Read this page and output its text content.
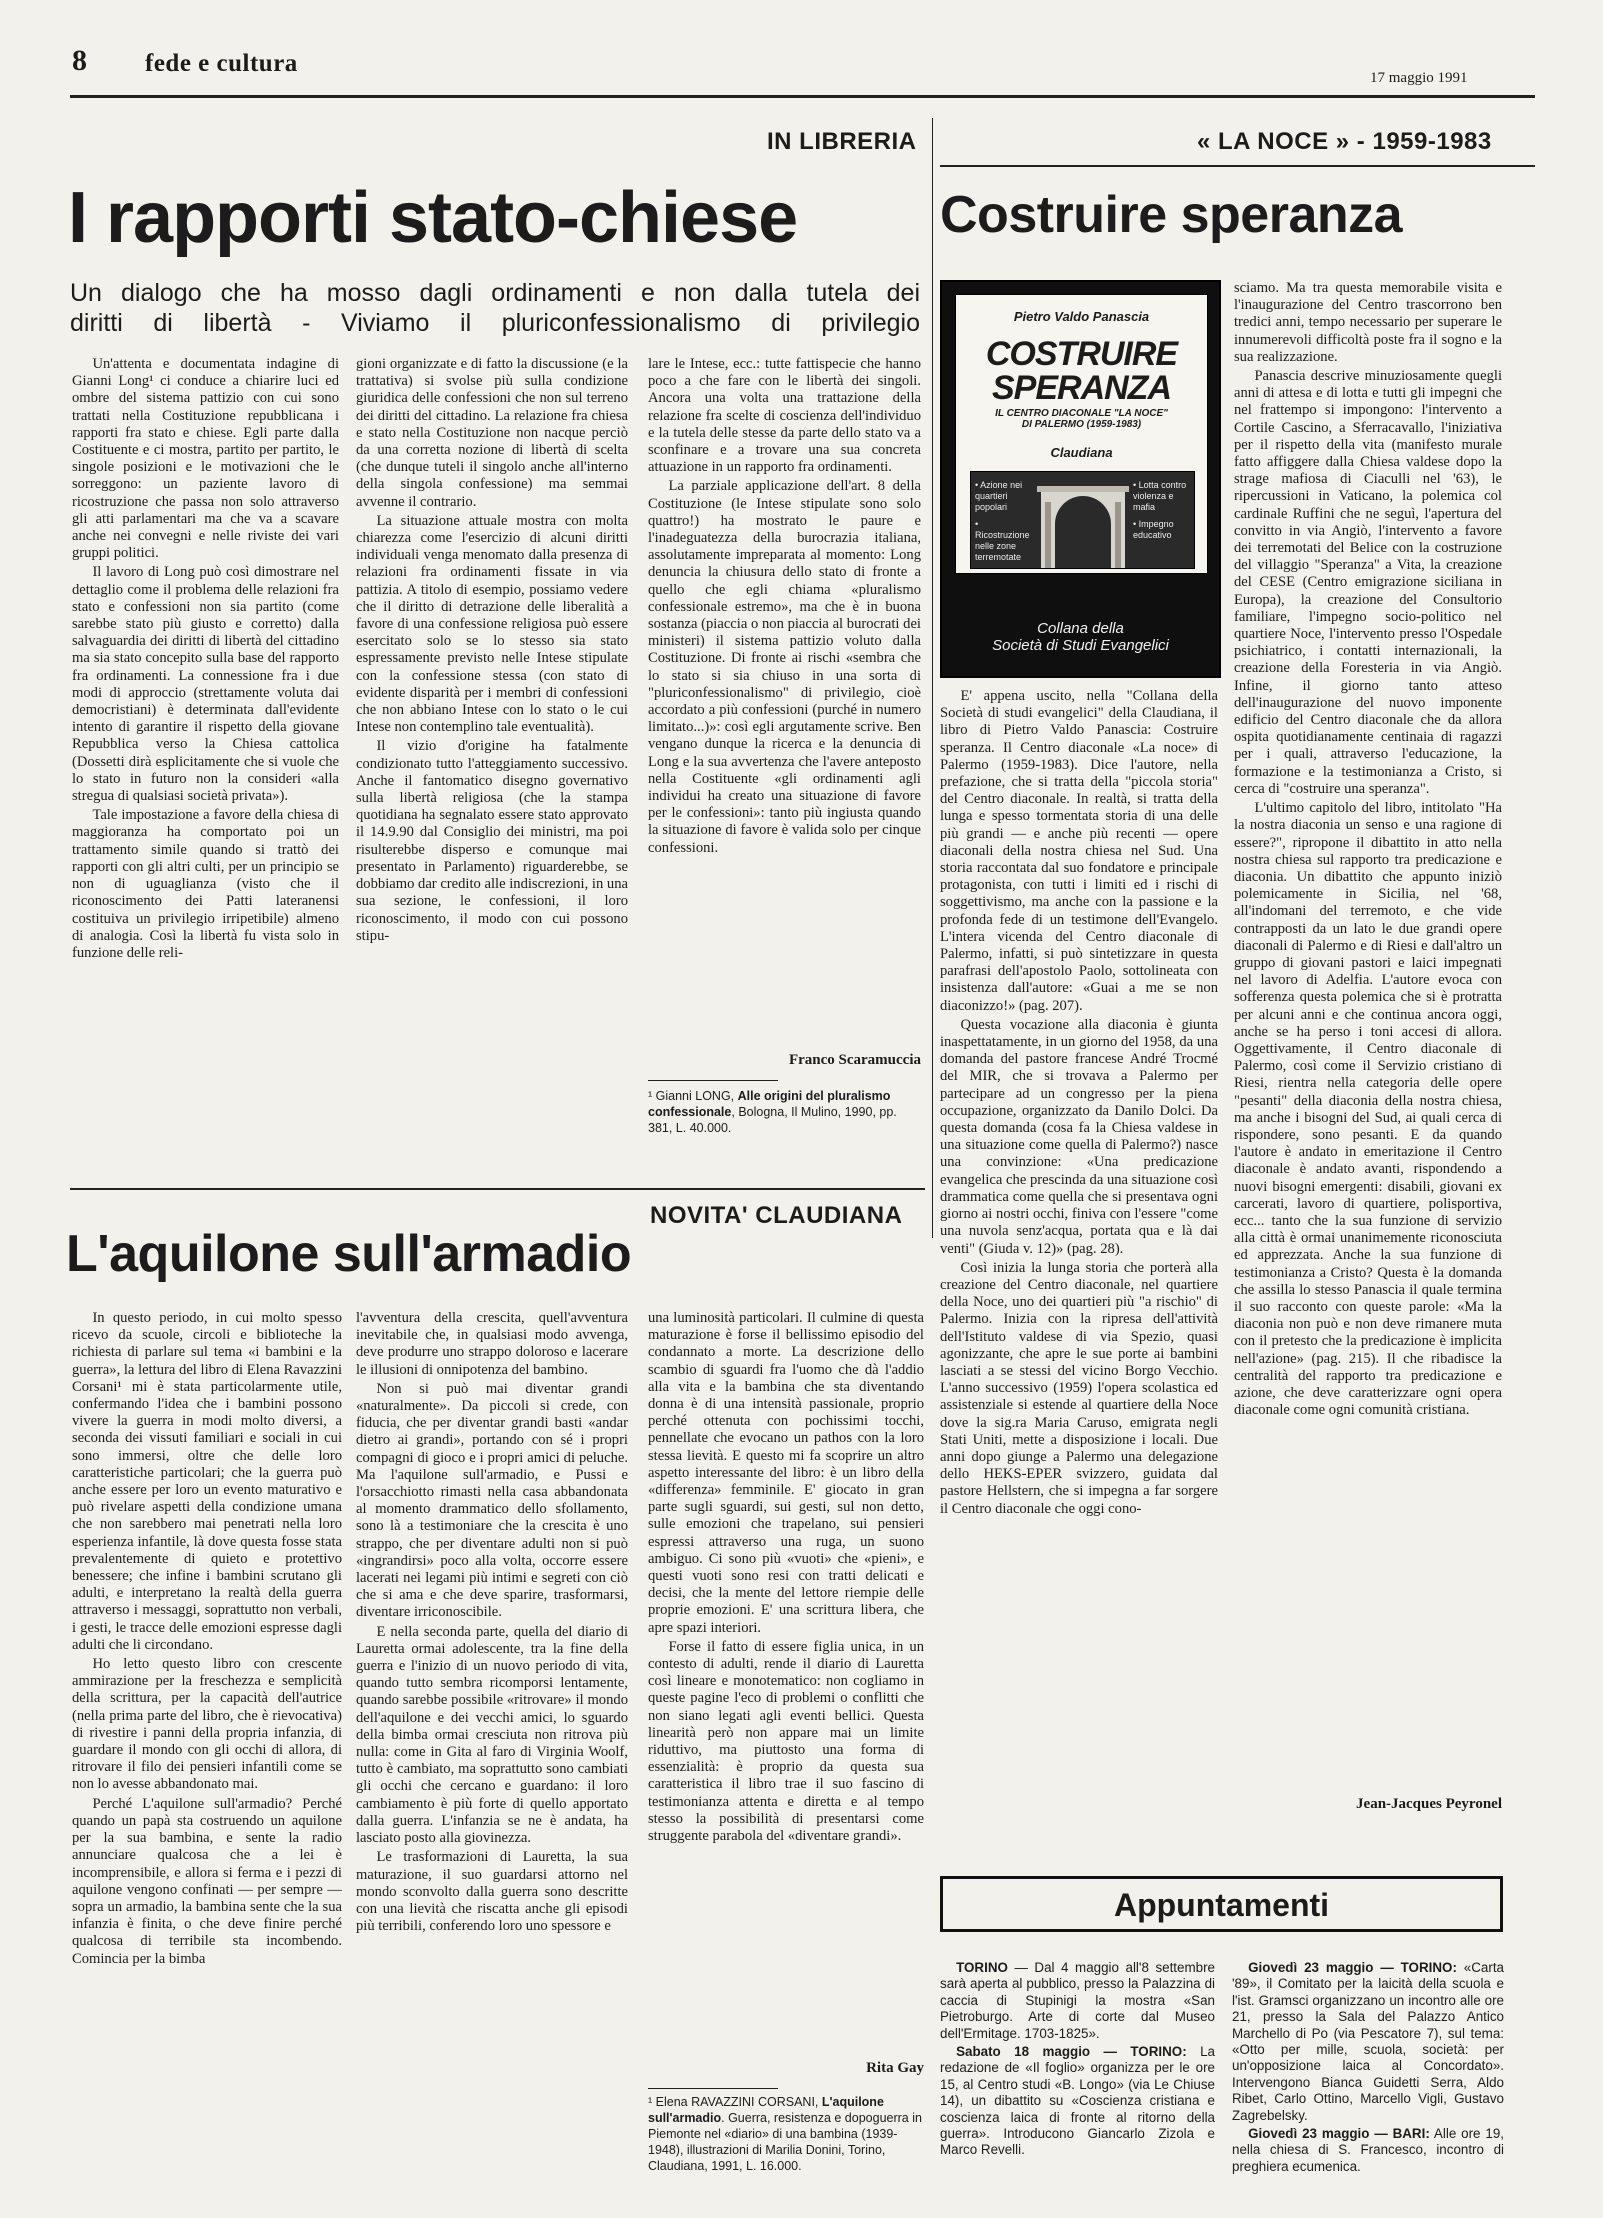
8 fede e cultura
17 maggio 1991
IN LIBRERIA
I rapporti stato-chiese
Un dialogo che ha mosso dagli ordinamenti e non dalla tutela dei
diritti di libertà - Viviamo il pluriconfessionalismo di privilegio

Un'attenta e documentata indagine di Gianni Long¹ ci conduce a chiarire luci ed ombre del sistema pattizio con cui sono trattati nella Costituzione repubblicana i rapporti fra stato e chiese. Egli parte dalla Costituente e ci mostra, partito per partito, le singole posizioni e le motivazioni che le sorreggono: un paziente lavoro di ricostruzione che passa non solo attraverso gli atti parlamentari ma che va a scavare anche nei convegni e nelle riviste dei vari gruppi politici.

Il lavoro di Long può così dimostrare nel dettaglio come il problema delle relazioni fra stato e confessioni non sia partito (come sarebbe stato più giusto e corretto) dalla salvaguardia dei diritti di libertà del cittadino ma sia stato concepito sulla base del rapporto fra ordinamenti. La connessione fra i due modi di approccio (strettamente voluta dai democristiani) è determinata dall'evidente intento di garantire il rispetto della giovane Repubblica verso la Chiesa cattolica (Dossetti dirà esplicitamente che si vuole che lo stato in futuro non la consideri «alla stregua di qualsiasi società privata»).

Tale impostazione a favore della chiesa di maggioranza ha comportato poi un trattamento simile quando si trattò dei rapporti con gli altri culti, per un principio se non di uguaglianza (visto che il riconoscimento dei Patti lateranensi costituiva un privilegio irripetibile) almeno di analogia. Così la libertà fu vista solo in funzione delle reli-

gioni organizzate e di fatto la discussione (e la trattativa) si svolse più sulla condizione giuridica delle confessioni che non sul terreno dei diritti del cittadino. La relazione fra chiesa e stato nella Costituzione non nacque perciò da una corretta nozione di libertà di scelta (che dunque tuteli il singolo anche all'interno della singola confessione) ma semmai avvenne il contrario.

La situazione attuale mostra con molta chiarezza come l'esercizio di alcuni diritti individuali venga menomato dalla presenza di relazioni fra ordinamenti fissate in via pattizia. A titolo di esempio, possiamo vedere che il diritto di detrazione delle liberalità a favore di una confessione religiosa può essere esercitato solo se lo stesso sia stato espressamente previsto nelle Intese stipulate con la confessione stessa (con stato di evidente disparità per i membri di confessioni che non abbiano Intese con lo stato o le cui Intese non contemplino tale eventualità).

Il vizio d'origine ha fatalmente condizionato tutto l'atteggiamento successivo. Anche il fantomatico disegno governativo sulla libertà religiosa (che la stampa quotidiana ha segnalato essere stato approvato il 14.9.90 dal Consiglio dei ministri, ma poi risulterebbe disperso e comunque mai presentato in Parlamento) riguarderebbe, se dobbiamo dar credito alle indiscrezioni, in una sua sezione, le confessioni, il loro riconoscimento, il modo con cui possono stipu-

lare le Intese, ecc.: tutte fattispecie che hanno poco a che fare con le libertà dei singoli. Ancora una volta una trattazione della relazione fra scelte di coscienza dell'individuo e la tutela delle stesse da parte dello stato va a sconfinare e a trovare una sua concreta attuazione in un rapporto fra ordinamenti.

La parziale applicazione dell'art. 8 della Costituzione (le Intese stipulate sono solo quattro!) ha mostrato le paure e l'inadeguatezza della burocrazia italiana, assolutamente impreparata al momento: Long denuncia la chiusura dello stato di fronte a quello che egli chiama «pluralismo confessionale estremo», ma che è in buona sostanza (piaccia o non piaccia al burocrati dei ministeri) il sistema pattizio voluto dalla Costituzione. Di fronte ai rischi «sembra che lo stato si sia chiuso in una sorta di "pluriconfessionalismo" di privilegio, cioè accordato a più confessioni (purché in numero limitato...)»: così egli argutamente scrive. Ben vengano dunque la ricerca e la denuncia di Long e la sua avvertenza che l'avere anteposto nella Costituente «gli ordinamenti agli individui ha creato una situazione di favore per le confessioni»: tanto più ingiusta quando la situazione di favore è valida solo per cinque confessioni.

Franco Scaramuccia
¹ Gianni LONG, Alle origini del pluralismo confessionale, Bologna, Il Mulino, 1990, pp. 381, L. 40.000.
« LA NOCE » - 1959-1983
Costruire speranza
Pietro Valdo Panascia
COSTRUIRE
SPERANZA
IL CENTRO DIACONALE "LA NOCE"
DI PALERMO (1959-1983)
Claudiana
• Azione nei quartieri popolari
• Ricostruzione nelle zone terremotate
• Lotta contro violenza e mafia
• Impegno educativo
Collana della
Società di Studi Evangelici

E' appena uscito, nella "Collana della Società di studi evangelici" della Claudiana, il libro di Pietro Valdo Panascia: Costruire speranza. Il Centro diaconale «La noce» di Palermo (1959-1983). Dice l'autore, nella prefazione, che si tratta della "piccola storia" del Centro diaconale. In realtà, si tratta della lunga e spesso tormentata storia di una delle più grandi — e anche più recenti — opere diaconali della nostra chiesa nel Sud. Una storia raccontata dal suo fondatore e principale protagonista, con tutti i limiti ed i rischi di soggettivismo, ma anche con la passione e la profonda fede di un testimone dell'Evangelo. L'intera vicenda del Centro diaconale di Palermo, infatti, si può sintetizzare in questa parafrasi dell'apostolo Paolo, sottolineata con insistenza dall'autore: «Guai a me se non diaconizzo!» (pag. 207).

Questa vocazione alla diaconia è giunta inaspettatamente, in un giorno del 1958, da una domanda del pastore francese André Trocmé del MIR, che si trovava a Palermo per partecipare ad un congresso per la piena occupazione, organizzato da Danilo Dolci. Da questa domanda (cosa fa la Chiesa valdese in una situazione come quella di Palermo?) nasce una convinzione: «Una predicazione evangelica che prescinda da una situazione così drammatica come quella che si presentava ogni giorno ai nostri occhi, finiva con l'essere "come una nuvola senz'acqua, portata qua e là dai venti" (Giuda v. 12)» (pag. 28).

Così inizia la lunga storia che porterà alla creazione del Centro diaconale, nel quartiere della Noce, uno dei quartieri più "a rischio" di Palermo. Inizia con la ripresa dell'attività dell'Istituto valdese di via Spezio, quasi agonizzante, che apre le sue porte ai bambini lasciati a se stessi del vicino Borgo Vecchio. L'anno successivo (1959) l'opera scolastica ed assistenziale si estende al quartiere della Noce dove la sig.ra Maria Caruso, emigrata negli Stati Uniti, mette a disposizione i locali. Due anni dopo giunge a Palermo una delegazione dello HEKS-EPER svizzero, guidata dal pastore Hellstern, che si impegna a far sorgere il Centro diaconale che oggi cono-

sciamo. Ma tra questa memorabile visita e l'inaugurazione del Centro trascorrono ben tredici anni, tempo necessario per superare le innumerevoli difficoltà poste fra il sogno e la sua realizzazione.

Panascia descrive minuziosamente quegli anni di attesa e di lotta e tutti gli impegni che nel frattempo si impongono: l'intervento a Cortile Cascino, a Sferracavallo, l'iniziativa per il rispetto della vita (manifesto murale fatto affiggere dalla Chiesa valdese dopo la strage mafiosa di Ciaculli nel '63), le ripercussioni in Vaticano, la polemica col cardinale Ruffini che ne seguì, l'apertura del convitto in via Angiò, l'intervento a favore dei terremotati del Belice con la costruzione del villaggio "Speranza" a Vita, la creazione del CESE (Centro emigrazione siciliana in Europa), la creazione del Consultorio familiare, l'impegno socio-politico nel quartiere Noce, l'intervento presso l'Ospedale psichiatrico, i contatti internazionali, la creazione della Foresteria in via Angiò. Infine, il giorno tanto atteso dell'inaugurazione del nuovo imponente edificio del Centro diaconale che da allora ospita quotidianamente centinaia di ragazzi per i quali, attraverso l'educazione, la formazione e la testimonianza a Cristo, si cerca di "costruire una speranza".

L'ultimo capitolo del libro, intitolato "Ha la nostra diaconia un senso e una ragione di essere?", ripropone il dibattito in atto nella nostra chiesa sul rapporto tra predicazione e diaconia. Un dibattito che appunto iniziò polemicamente in Sicilia, nel '68, all'indomani del terremoto, e che vide contrapposti da un lato le due grandi opere diaconali di Palermo e di Riesi e dall'altro un gruppo di giovani pastori e laici impegnati nel lavoro di Adelfia. L'autore evoca con sofferenza questa polemica che si è protratta per alcuni anni e che continua ancora oggi, anche se ha perso i toni accesi di allora. Oggettivamente, il Centro diaconale di Palermo, così come il Servizio cristiano di Riesi, rientra nella categoria delle opere "pesanti" della diaconia della nostra chiesa, ma anche i bisogni del Sud, ai quali cerca di rispondere, sono pesanti. E da quando l'autore è andato in emeritazione il Centro diaconale è andato avanti, rispondendo a nuovi bisogni emergenti: disabili, giovani ex carcerati, lavoro di quartiere, polisportiva, ecc... tanto che la sua funzione di servizio alla città è ormai unanimemente riconosciuta ed apprezzata. Anche la sua funzione di testimonianza a Cristo? Questa è la domanda che assilla lo stesso Panascia il quale termina il suo racconto con queste parole: «Ma la diaconia non può e non deve rimanere muta con il pretesto che la predicazione è implicita nell'azione» (pag. 215). Il che ribadisce la centralità del rapporto tra predicazione e azione, che deve caratterizzare ogni opera diaconale come ogni comunità cristiana.

Jean-Jacques Peyronel
NOVITA' CLAUDIANA
L'aquilone sull'armadio

In questo periodo, in cui molto spesso ricevo da scuole, circoli e biblioteche la richiesta di parlare sul tema «i bambini e la guerra», la lettura del libro di Elena Ravazzini Corsani¹ mi è stata particolarmente utile, confermando l'idea che i bambini possono vivere la guerra in modi molto diversi, a seconda dei vissuti familiari e sociali in cui sono immersi, oltre che delle loro caratteristiche particolari; che la guerra può anche essere per loro un evento maturativo e può rivelare aspetti della condizione umana che non sarebbero mai penetrati nella loro esperienza infantile, là dove questa fosse stata prevalentemente di quieto e protettivo benessere; che infine i bambini scrutano gli adulti, e interpretano la realtà della guerra attraverso i messaggi, soprattutto non verbali, i gesti, le tracce delle emozioni espresse dagli adulti che li circondano.

Ho letto questo libro con crescente ammirazione per la freschezza e semplicità della scrittura, per la capacità dell'autrice (nella prima parte del libro, che è rievocativa) di rivestire i panni della propria infanzia, di guardare il mondo con gli occhi di allora, di ritrovare il filo dei pensieri infantili come se non lo avesse abbandonato mai.

Perché L'aquilone sull'armadio? Perché quando un papà sta costruendo un aquilone per la sua bambina, e sente la radio annunciare qualcosa che a lei è incomprensibile, e allora si ferma e i pezzi di aquilone vengono confinati — per sempre — sopra un armadio, la bambina sente che la sua infanzia è finita, o che deve finire perché qualcosa di terribile sta incombendo. Comincia per la bimba

l'avventura della crescita, quell'avventura inevitabile che, in qualsiasi modo avvenga, deve produrre uno strappo doloroso e lacerare le illusioni di onnipotenza del bambino.

Non si può mai diventar grandi «naturalmente». Da piccoli si crede, con fiducia, che per diventar grandi basti «andar dietro ai grandi», portando con sé i propri compagni di gioco e i propri amici di peluche. Ma l'aquilone sull'armadio, e Pussi e l'orsacchiotto rimasti nella casa abbandonata al momento drammatico dello sfollamento, sono là a testimoniare che la crescita è uno strappo, che per diventare adulti non si può «ingrandirsi» poco alla volta, occorre essere lacerati nei legami più intimi e segreti con ciò che si ama e che deve sparire, trasformarsi, diventare irriconoscibile.

E nella seconda parte, quella del diario di Lauretta ormai adolescente, tra la fine della guerra e l'inizio di un nuovo periodo di vita, quando tutto sembra ricomporsi lentamente, quando sarebbe possibile «ritrovare» il mondo dell'aquilone e dei vecchi amici, lo sguardo della bimba ormai cresciuta non ritrova più nulla: come in Gita al faro di Virginia Woolf, tutto è cambiato, ma soprattutto sono cambiati gli occhi che cercano e guardano: il loro cambiamento è più forte di quello apportato dalla guerra. L'infanzia se ne è andata, ha lasciato posto alla giovinezza.

Le trasformazioni di Lauretta, la sua maturazione, il suo guardarsi attorno nel mondo sconvolto dalla guerra sono descritte con una lievità che riscatta anche gli episodi più terribili, conferendo loro uno spessore e

una luminosità particolari. Il culmine di questa maturazione è forse il bellissimo episodio del condannato a morte. La descrizione dello scambio di sguardi fra l'uomo che dà l'addio alla vita e la bambina che sta diventando donna è di una intensità passionale, proprio perché ottenuta con pochissimi tocchi, pennellate che evocano un pathos con la loro stessa lievità. E questo mi fa scoprire un altro aspetto interessante del libro: è un libro della «differenza» femminile. E' giocato in gran parte sugli sguardi, sui gesti, sul non detto, sulle emozioni che trapelano, sui pensieri espressi attraverso una ruga, un suono ambiguo. Ci sono più «vuoti» che «pieni», e questi vuoti sono resi con tratti delicati e decisi, che la mente del lettore riempie delle proprie emozioni. E' una scrittura libera, che apre spazi interiori.

Forse il fatto di essere figlia unica, in un contesto di adulti, rende il diario di Lauretta così lineare e monotematico: non cogliamo in queste pagine l'eco di problemi o conflitti che non siano legati agli eventi bellici. Questa linearità però non appare mai un limite riduttivo, ma piuttosto una forma di essenzialità: è proprio da questa sua caratteristica il libro trae il suo fascino di testimonianza attenta e diretta e al tempo stesso la possibilità di presentarsi come struggente parabola del «diventare grandi».

Rita Gay
¹ Elena RAVAZZINI CORSANI, L'aquilone sull'armadio. Guerra, resistenza e dopoguerra in Piemonte nel «diario» di una bambina (1939-1948), illustrazioni di Marilia Donini, Torino, Claudiana, 1991, L. 16.000.
Appuntamenti

TORINO — Dal 4 maggio all'8 settembre sarà aperta al pubblico, presso la Palazzina di caccia di Stupinigi la mostra «San Pietroburgo. Arte di corte dal Museo dell'Ermitage. 1703-1825».

Sabato 18 maggio — TORINO: La redazione de «Il foglio» organizza per le ore 15, al Centro studi «B. Longo» (via Le Chiuse 14), un dibattito su «Coscienza cristiana e coscienza laica di fronte al ritorno della guerra». Introducono Giancarlo Zizola e Marco Revelli.

Giovedì 23 maggio — TORINO: «Carta '89», il Comitato per la laicità della scuola e l'ist. Gramsci organizzano un incontro alle ore 21, presso la Sala del Palazzo Antico Marchello di Po (via Pescatore 7), sul tema: «Otto per mille, scuola, società: per un'opposizione laica al Concordato». Intervengono Bianca Guidetti Serra, Aldo Ribet, Carlo Ottino, Marcello Vigli, Gustavo Zagrebelsky.

Giovedì 23 maggio — BARI: Alle ore 19, nella chiesa di S. Francesco, incontro di preghiera ecumenica.
